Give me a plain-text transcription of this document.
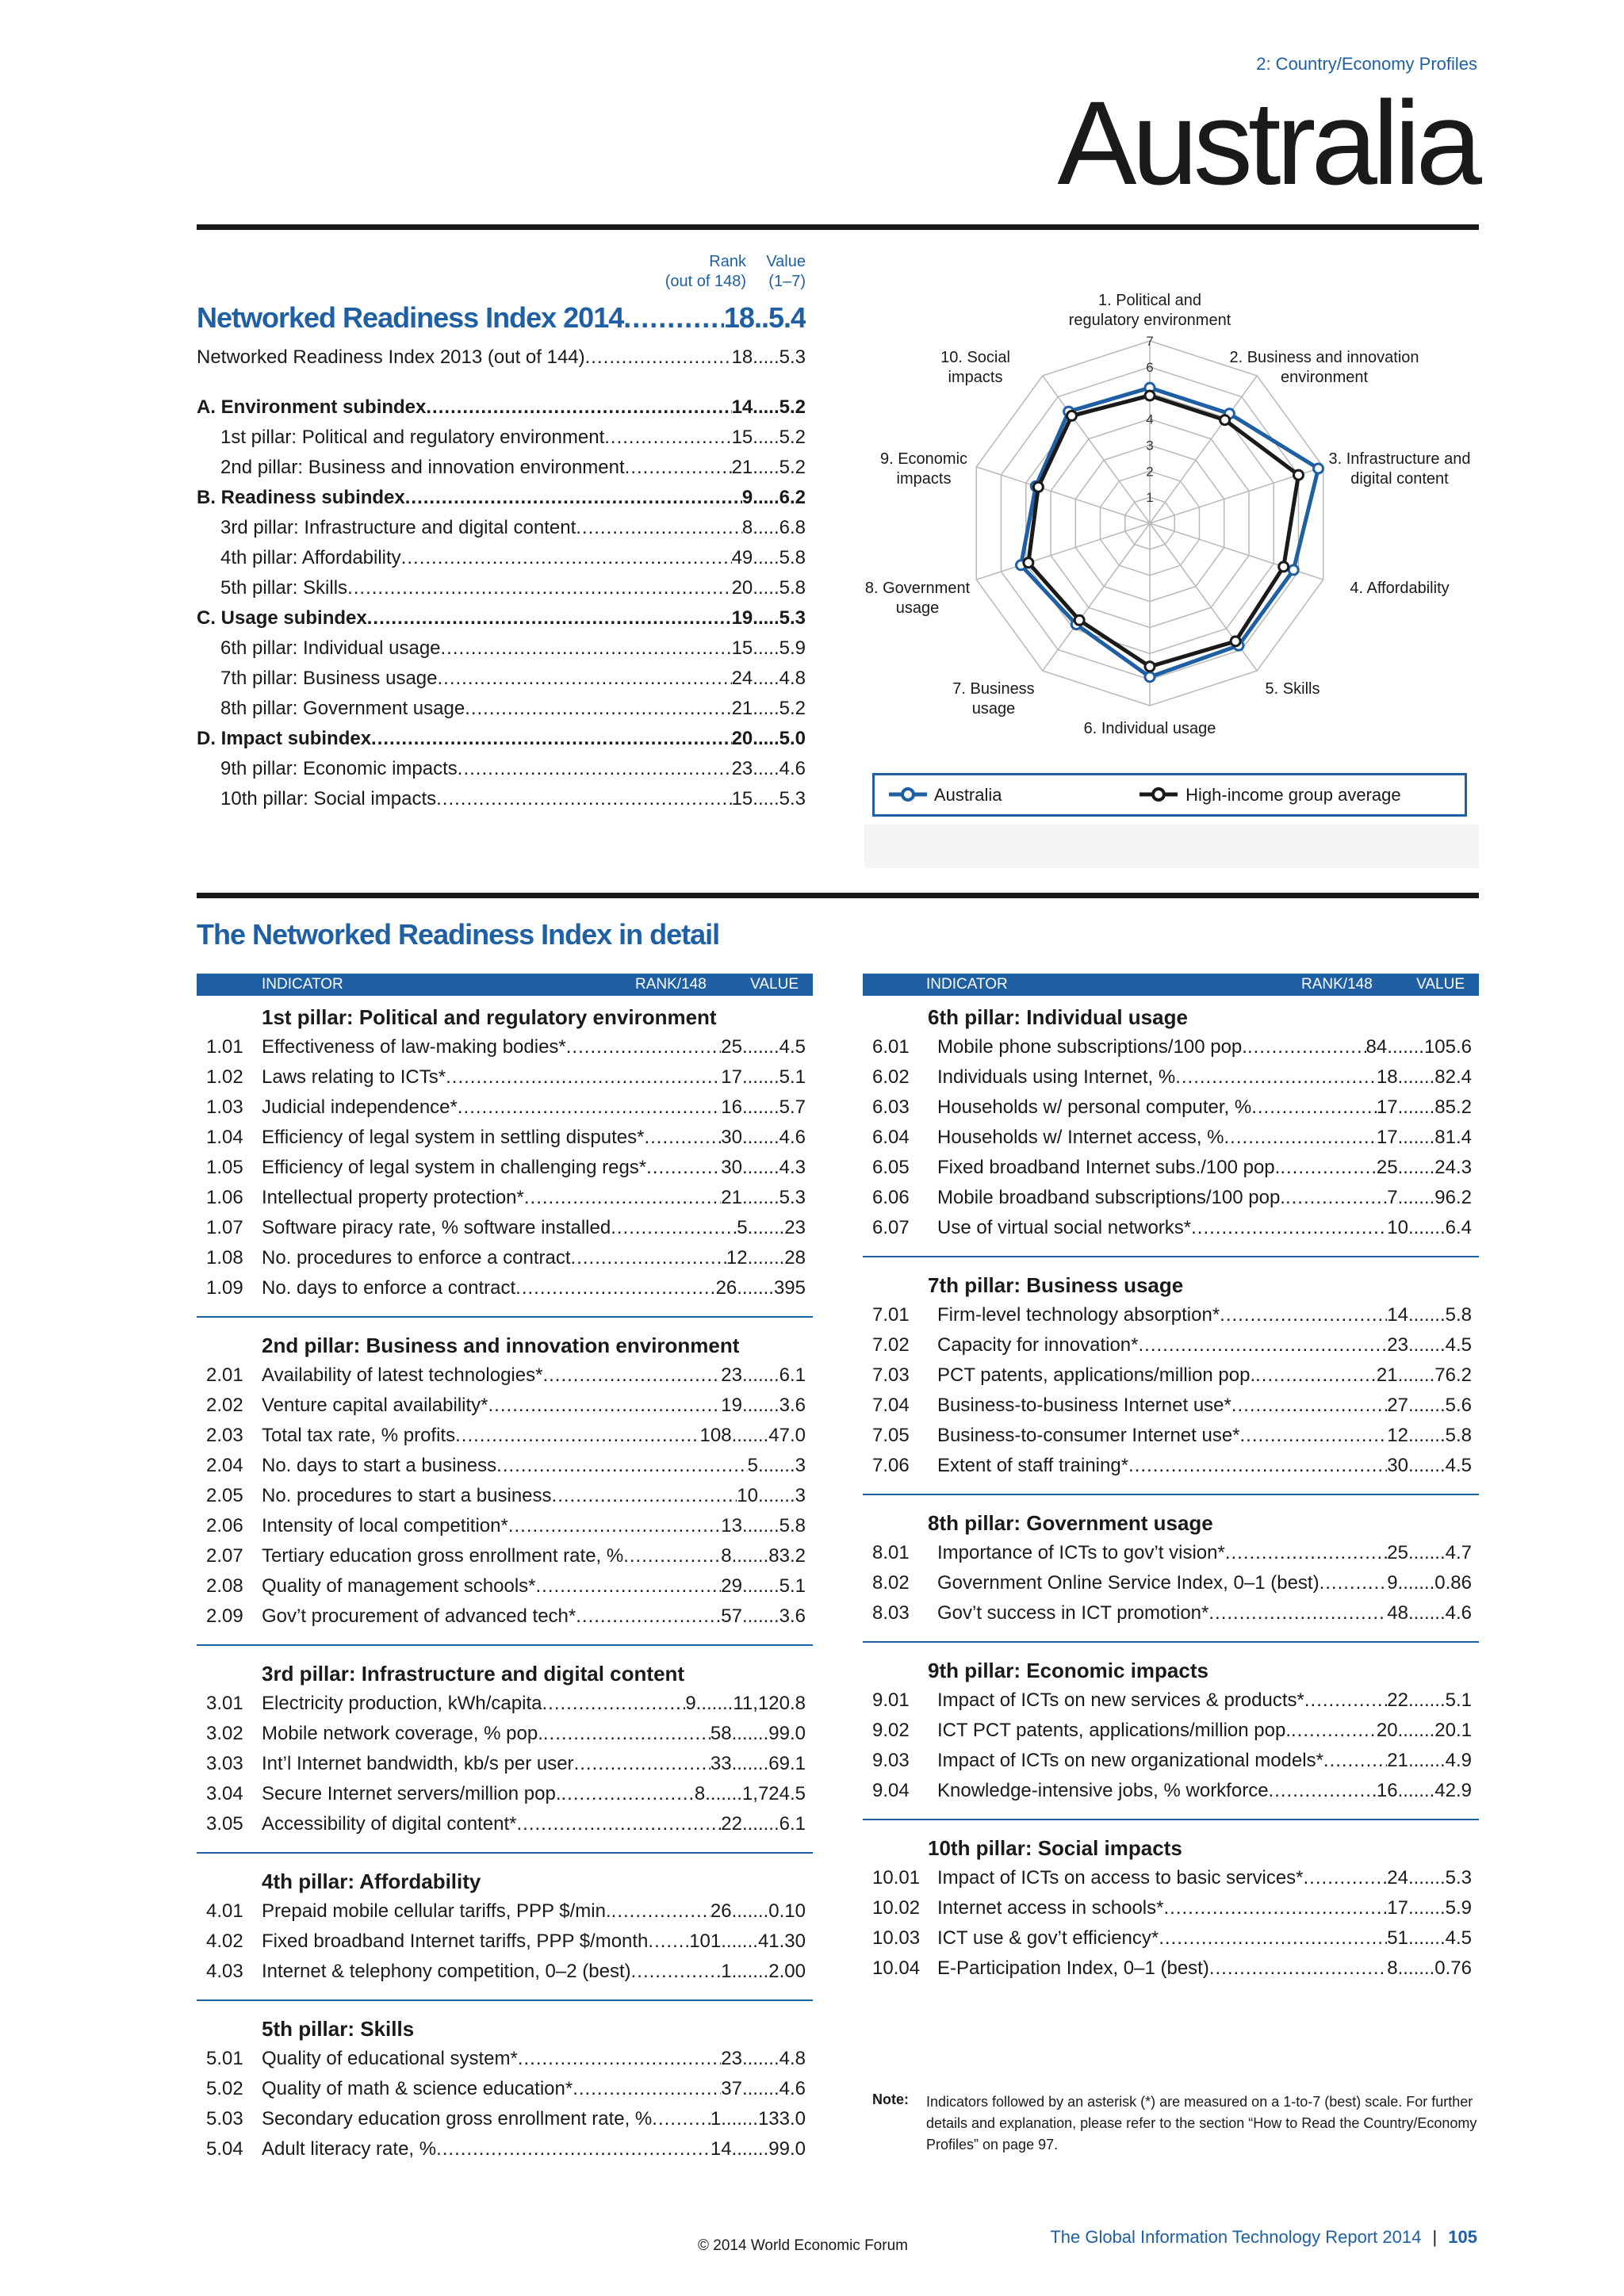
2: Country/Economy Profiles
Australia
Rank
(out of 148)
Value
(1–7)
Networked Readiness Index 2014 .....	18 .. 5.4
Networked Readiness Index 2013 (out of 144) .....	18 ..... 5.3
A. Environment subindex .....	14 ..... 5.2
1st pillar: Political and regulatory environment .....	15 ..... 5.2
2nd pillar: Business and innovation environment .....	21 ..... 5.2
B. Readiness subindex .....	9 ..... 6.2
3rd pillar: Infrastructure and digital content .....	8 ..... 6.8
4th pillar: Affordability .....	49 ..... 5.8
5th pillar: Skills .....	20 ..... 5.8
C. Usage subindex .....	19 ..... 5.3
6th pillar: Individual usage .....	15 ..... 5.9
7th pillar: Business usage .....	24 ..... 4.8
8th pillar: Government usage .....	21 ..... 5.2
D. Impact subindex .....	20 ..... 5.0
9th pillar: Economic impacts .....	23 ..... 4.6
10th pillar: Social impacts .....	15 ..... 5.3
1
2
3
4
6
7
1. Political and
regulatory environment
2. Business and innovation
environment
3. Infrastructure and
digital content
4. Affordability
5. Skills
6. Individual usage
7. Business
usage
8. Government
usage
9. Economic
impacts
10. Social
impacts
Australia	High-income group average
The Networked Readiness Index in detail
INDICATOR	RANK/148	VALUE	INDICATOR	RANK/148	VALUE
1st pillar: Political and regulatory environment
1.01 Effectiveness of law-making bodies* .....	25 ....... 4.5
1.02 Laws relating to ICTs* .....	17 ....... 5.1
1.03 Judicial independence* .....	16 ....... 5.7
1.04 Efficiency of legal system in settling disputes* .....	30 ....... 4.6
1.05 Efficiency of legal system in challenging regs* .....	30 ....... 4.3
1.06 Intellectual property protection* .....	21 ....... 5.3
1.07 Software piracy rate, % software installed .....	5 ....... 23
1.08 No. procedures to enforce a contract .....	12 ....... 28
1.09 No. days to enforce a contract .....	26 ....... 395
2nd pillar: Business and innovation environment
2.01 Availability of latest technologies* .....	23 ....... 6.1
2.02 Venture capital availability* .....	19 ....... 3.6
2.03 Total tax rate, % profits .....	108 ....... 47.0
2.04 No. days to start a business .....	5 ....... 3
2.05 No. procedures to start a business .....	10 ....... 3
2.06 Intensity of local competition* .....	13 ....... 5.8
2.07 Tertiary education gross enrollment rate, % .....	8 ....... 83.2
2.08 Quality of management schools* .....	29 ....... 5.1
2.09 Gov’t procurement of advanced tech* .....	57 ....... 3.6
3rd pillar: Infrastructure and digital content
3.01 Electricity production, kWh/capita .....	9 ....... 11,120.8
3.02 Mobile network coverage, % pop. .....	58 ....... 99.0
3.03 Int’l Internet bandwidth, kb/s per user .....	33 ....... 69.1
3.04 Secure Internet servers/million pop. .....	8 ....... 1,724.5
3.05 Accessibility of digital content* .....	22 ....... 6.1
4th pillar: Affordability
4.01 Prepaid mobile cellular tariffs, PPP $/min. .....	26 ....... 0.10
4.02 Fixed broadband Internet tariffs, PPP $/month ..... 101 ....... 41.30
4.03 Internet & telephony competition, 0–2 (best) .....	1 ....... 2.00
5th pillar: Skills
5.01 Quality of educational system* .....	23 ....... 4.8
5.02 Quality of math & science education* .....	37 ....... 4.6
5.03 Secondary education gross enrollment rate, % .....	1 ....... 133.0
5.04 Adult literacy rate, % .....	14 ....... 99.0
6th pillar: Individual usage
6.01 Mobile phone subscriptions/100 pop. .....	84 ....... 105.6
6.02 Individuals using Internet, % .....	18 ....... 82.4
6.03 Households w/ personal computer, % .....	17 ....... 85.2
6.04 Households w/ Internet access, % .....	17 ....... 81.4
6.05 Fixed broadband Internet subs./100 pop. .....	25 ....... 24.3
6.06 Mobile broadband subscriptions/100 pop. .....	7 ....... 96.2
6.07 Use of virtual social networks* .....	10 ....... 6.4
7th pillar: Business usage
7.01 Firm-level technology absorption* .....	14 ....... 5.8
7.02 Capacity for innovation* .....	23 ....... 4.5
7.03 PCT patents, applications/million pop. .....	21 ....... 76.2
7.04 Business-to-business Internet use* .....	27 ....... 5.6
7.05 Business-to-consumer Internet use* .....	12 ....... 5.8
7.06 Extent of staff training* .....	30 ....... 4.5
8th pillar: Government usage
8.01 Importance of ICTs to gov’t vision* .....	25 ....... 4.7
8.02 Government Online Service Index, 0–1 (best) .....	9 ....... 0.86
8.03 Gov’t success in ICT promotion* .....	48 ....... 4.6
9th pillar: Economic impacts
9.01 Impact of ICTs on new services & products* .....	22 ....... 5.1
9.02 ICT PCT patents, applications/million pop. .....	20 ....... 20.1
9.03 Impact of ICTs on new organizational models* .....	21 ....... 4.9
9.04 Knowledge-intensive jobs, % workforce .....	16 ....... 42.9
10th pillar: Social impacts
10.01 Impact of ICTs on access to basic services* .....	24 ....... 5.3
10.02 Internet access in schools* .....	17 ....... 5.9
10.03 ICT use & gov’t efficiency* .....	51 ....... 4.5
10.04 E-Participation Index, 0–1 (best) .....	8 ....... 0.76
Note: Indicators followed by an asterisk (*) are measured on a 1-to-7 (best) scale. For further details and explanation, please refer to the section “How to Read the Country/Economy Profiles” on page 97.
The Global Information Technology Report 2014 | 105
© 2014 World Economic Forum
